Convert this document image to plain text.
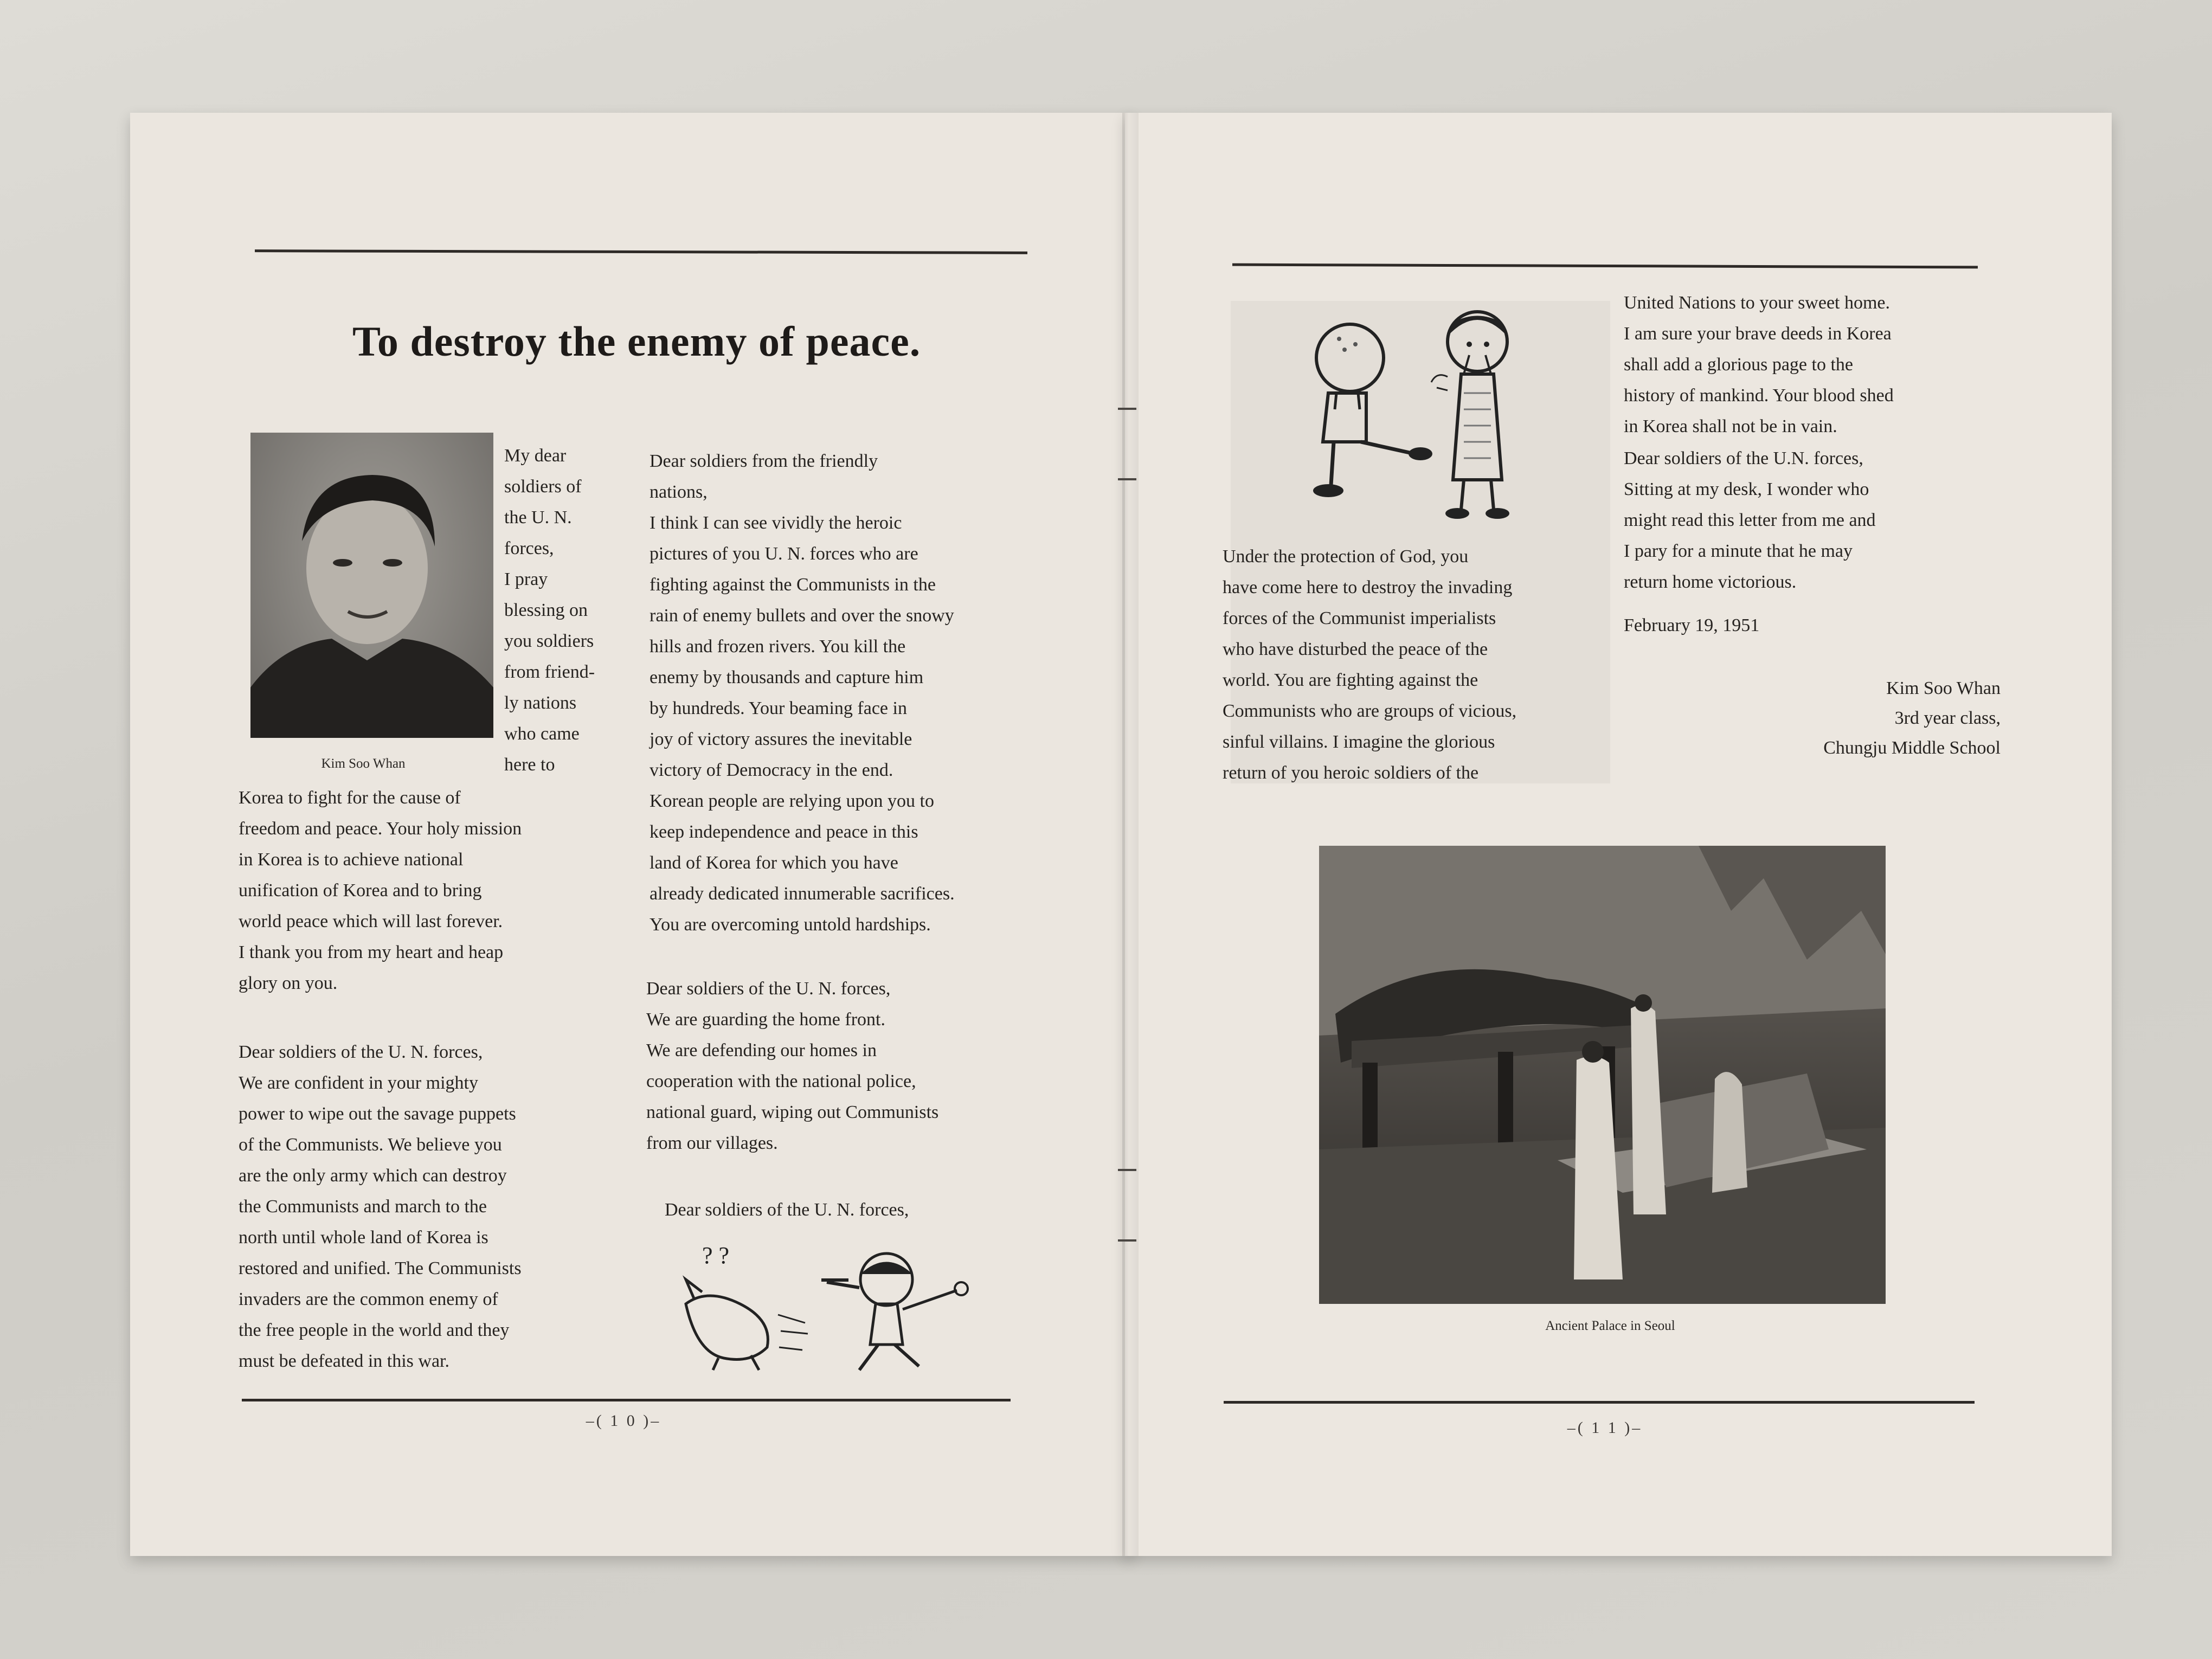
To destroy the enemy of peace.
Kim Soo Whan
My dear
soldiers of
the U. N.
forces,
I pray
blessing on
you soldiers
from friend-
ly nations
who came
here to
Korea to fight for the cause of
freedom and peace. Your holy mission
in Korea is to achieve national
unification of Korea and to bring
world peace which will last forever.
I thank you from my heart and heap
glory on you.
Dear soldiers of the U. N. forces,
We are confident in your mighty
power to wipe out the savage puppets
of the Communists. We believe you
are the only army which can destroy
the Communists and march to the
north until whole land of Korea is
restored and unified. The Communists
invaders are the common enemy of
the free people in the world and they
must be defeated in this war.
Dear soldiers from the friendly
nations,
I think I can see vividly the heroic
pictures of you U. N. forces who are
fighting against the Communists in the
rain of enemy bullets and over the snowy
hills and frozen rivers. You kill the
enemy by thousands and capture him
by hundreds. Your beaming face in
joy of victory assures the inevitable
victory of Democracy in the end.
Korean people are relying upon you to
keep independence and peace in this
land of Korea for which you have
already dedicated innumerable sacrifices.
You are overcoming untold hardships.
Dear soldiers of the U. N. forces,
We are guarding the home front.
We are defending our homes in
cooperation with the national police,
national guard, wiping out Communists
from our villages.
Dear soldiers of the U. N. forces,
? ?
–( 1 0 )–
Under the protection of God, you
have come here to destroy the invading
forces of the Communist imperialists
who have disturbed the peace of the
world. You are fighting against the
Communists who are groups of vicious,
sinful villains. I imagine the glorious
return of you heroic soldiers of the
United Nations to your sweet home.
I am sure your brave deeds in Korea
shall add a glorious page to the
history of mankind. Your blood shed
in Korea shall not be in vain.
Dear soldiers of the U.N. forces,
Sitting at my desk, I wonder who
might read this letter from me and
I pary for a minute that he may
return home victorious.
February 19, 1951
Kim Soo Whan
3rd year class,
Chungju Middle School
Ancient Palace in Seoul
–( 1 1 )–
